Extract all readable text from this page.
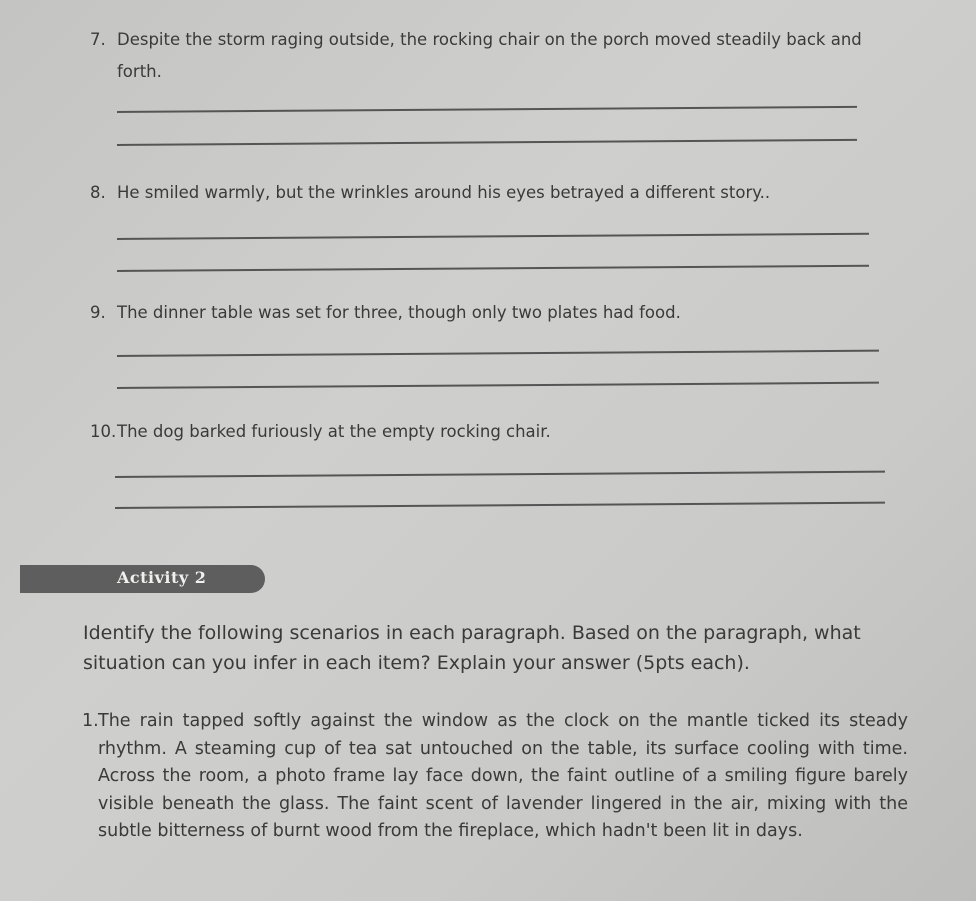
7. Despite the storm raging outside, the rocking chair on the porch moved steadily back and forth.
8. He smiled warmly, but the wrinkles around his eyes betrayed a different story..
9. The dinner table was set for three, though only two plates had food.
10. The dog barked furiously at the empty rocking chair.
Activity 2
Identify the following scenarios in each paragraph. Based on the paragraph, what situation can you infer in each item? Explain your answer (5pts each).
1. The rain tapped softly against the window as the clock on the mantle ticked its steady rhythm. A steaming cup of tea sat untouched on the table, its surface cooling with time. Across the room, a photo frame lay face down, the faint outline of a smiling figure barely visible beneath the glass. The faint scent of lavender lingered in the air, mixing with the subtle bitterness of burnt wood from the fireplace, which hadn't been lit in days.
